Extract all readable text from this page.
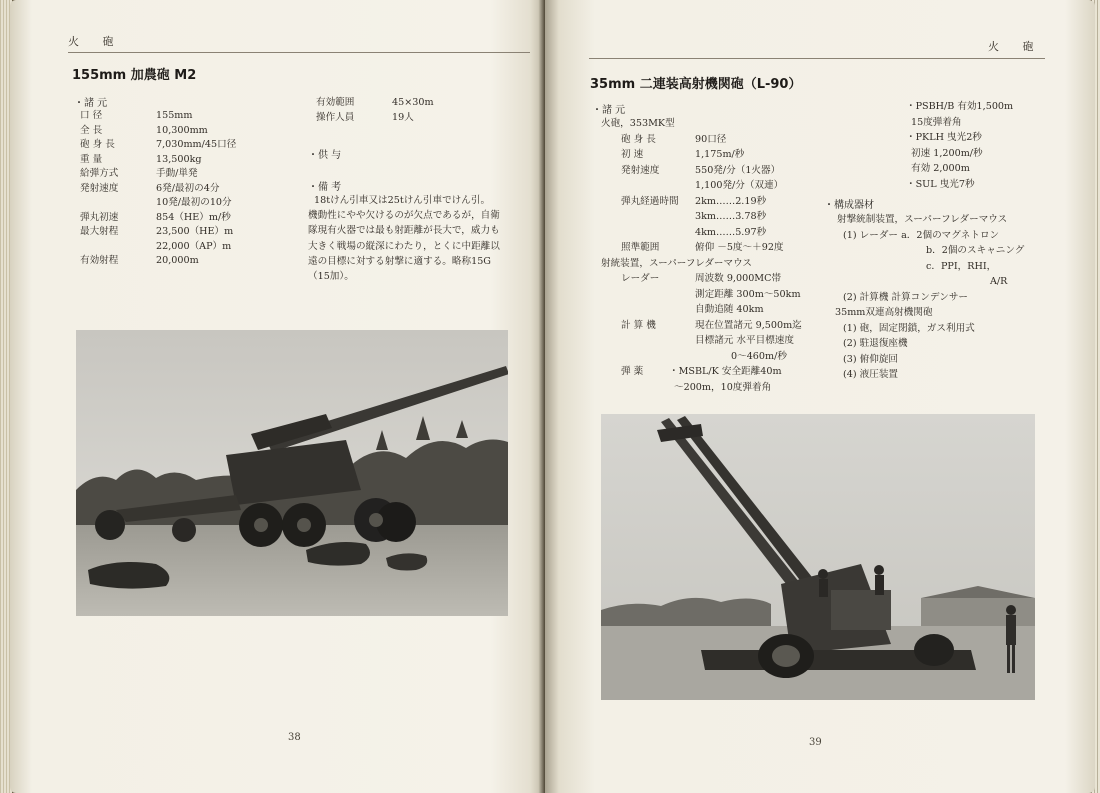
火 砲
155mm 加農砲 M2
・諸 元
口 径	155mm
全 長	10,300mm
砲 身 長	7,030mm/45口径
重 量	13,500kg
給弾方式	手動/単発
発射速度	6発/最初の4分
10発/最初の10分
弾丸初速	854（HE）m/秒
最大射程	23,500（HE）m
22,000（AP）m
有効射程	20,000m
有効範囲	45×30m
操作人員	19人
・供 与
・備 考
18tけん引車又は25tけん引車でけん引。
機動性にやや欠けるのが欠点であるが，自衛
隊現有火器では最も射距離が長大で，威力も
大きく戦場の縦深にわたり，とくに中距離以
遠の目標に対する射撃に適する。略称15G
（15加）。
38
火 砲
35mm 二連装高射機関砲（L-90）
・諸 元
火砲，353MK型
砲 身 長	90口径
初 速	1,175m/秒
発射速度	550発/分（1火器）
1,100発/分（双連）
弾丸経過時間 2km……2.19秒
3km……3.78秒
4km……5.97秒
照準範囲	俯仰 －5度～＋92度
射統装置，スーパーフレダーマウス
レーダー	周波数 9,000MC帯
測定距離 300m～50km
自動追随 40km
計 算 機	現在位置諸元 9,500m迄
目標諸元 水平目標速度
0～460m/秒
弾 薬	・MSBL/K 安全距離40m
～200m，10度弾着角
・PSBH/B 有効1,500m
15度弾着角
・PKLH 曳光2秒
初速 1,200m/秒
有効 2,000m
・SUL 曳光7秒
・構成器材
射撃統制装置，スーパーフレダーマウス
(1) レーダー a．2個のマグネトロン
b．2個のスキャニング
c．PPI，RHI，
A/R
(2) 計算機 計算コンデンサー
35mm双連高射機関砲
(1) 砲，固定閉鎖，ガス利用式
(2) 駐退復座機
(3) 俯仰旋回
(4) 液圧装置
39
